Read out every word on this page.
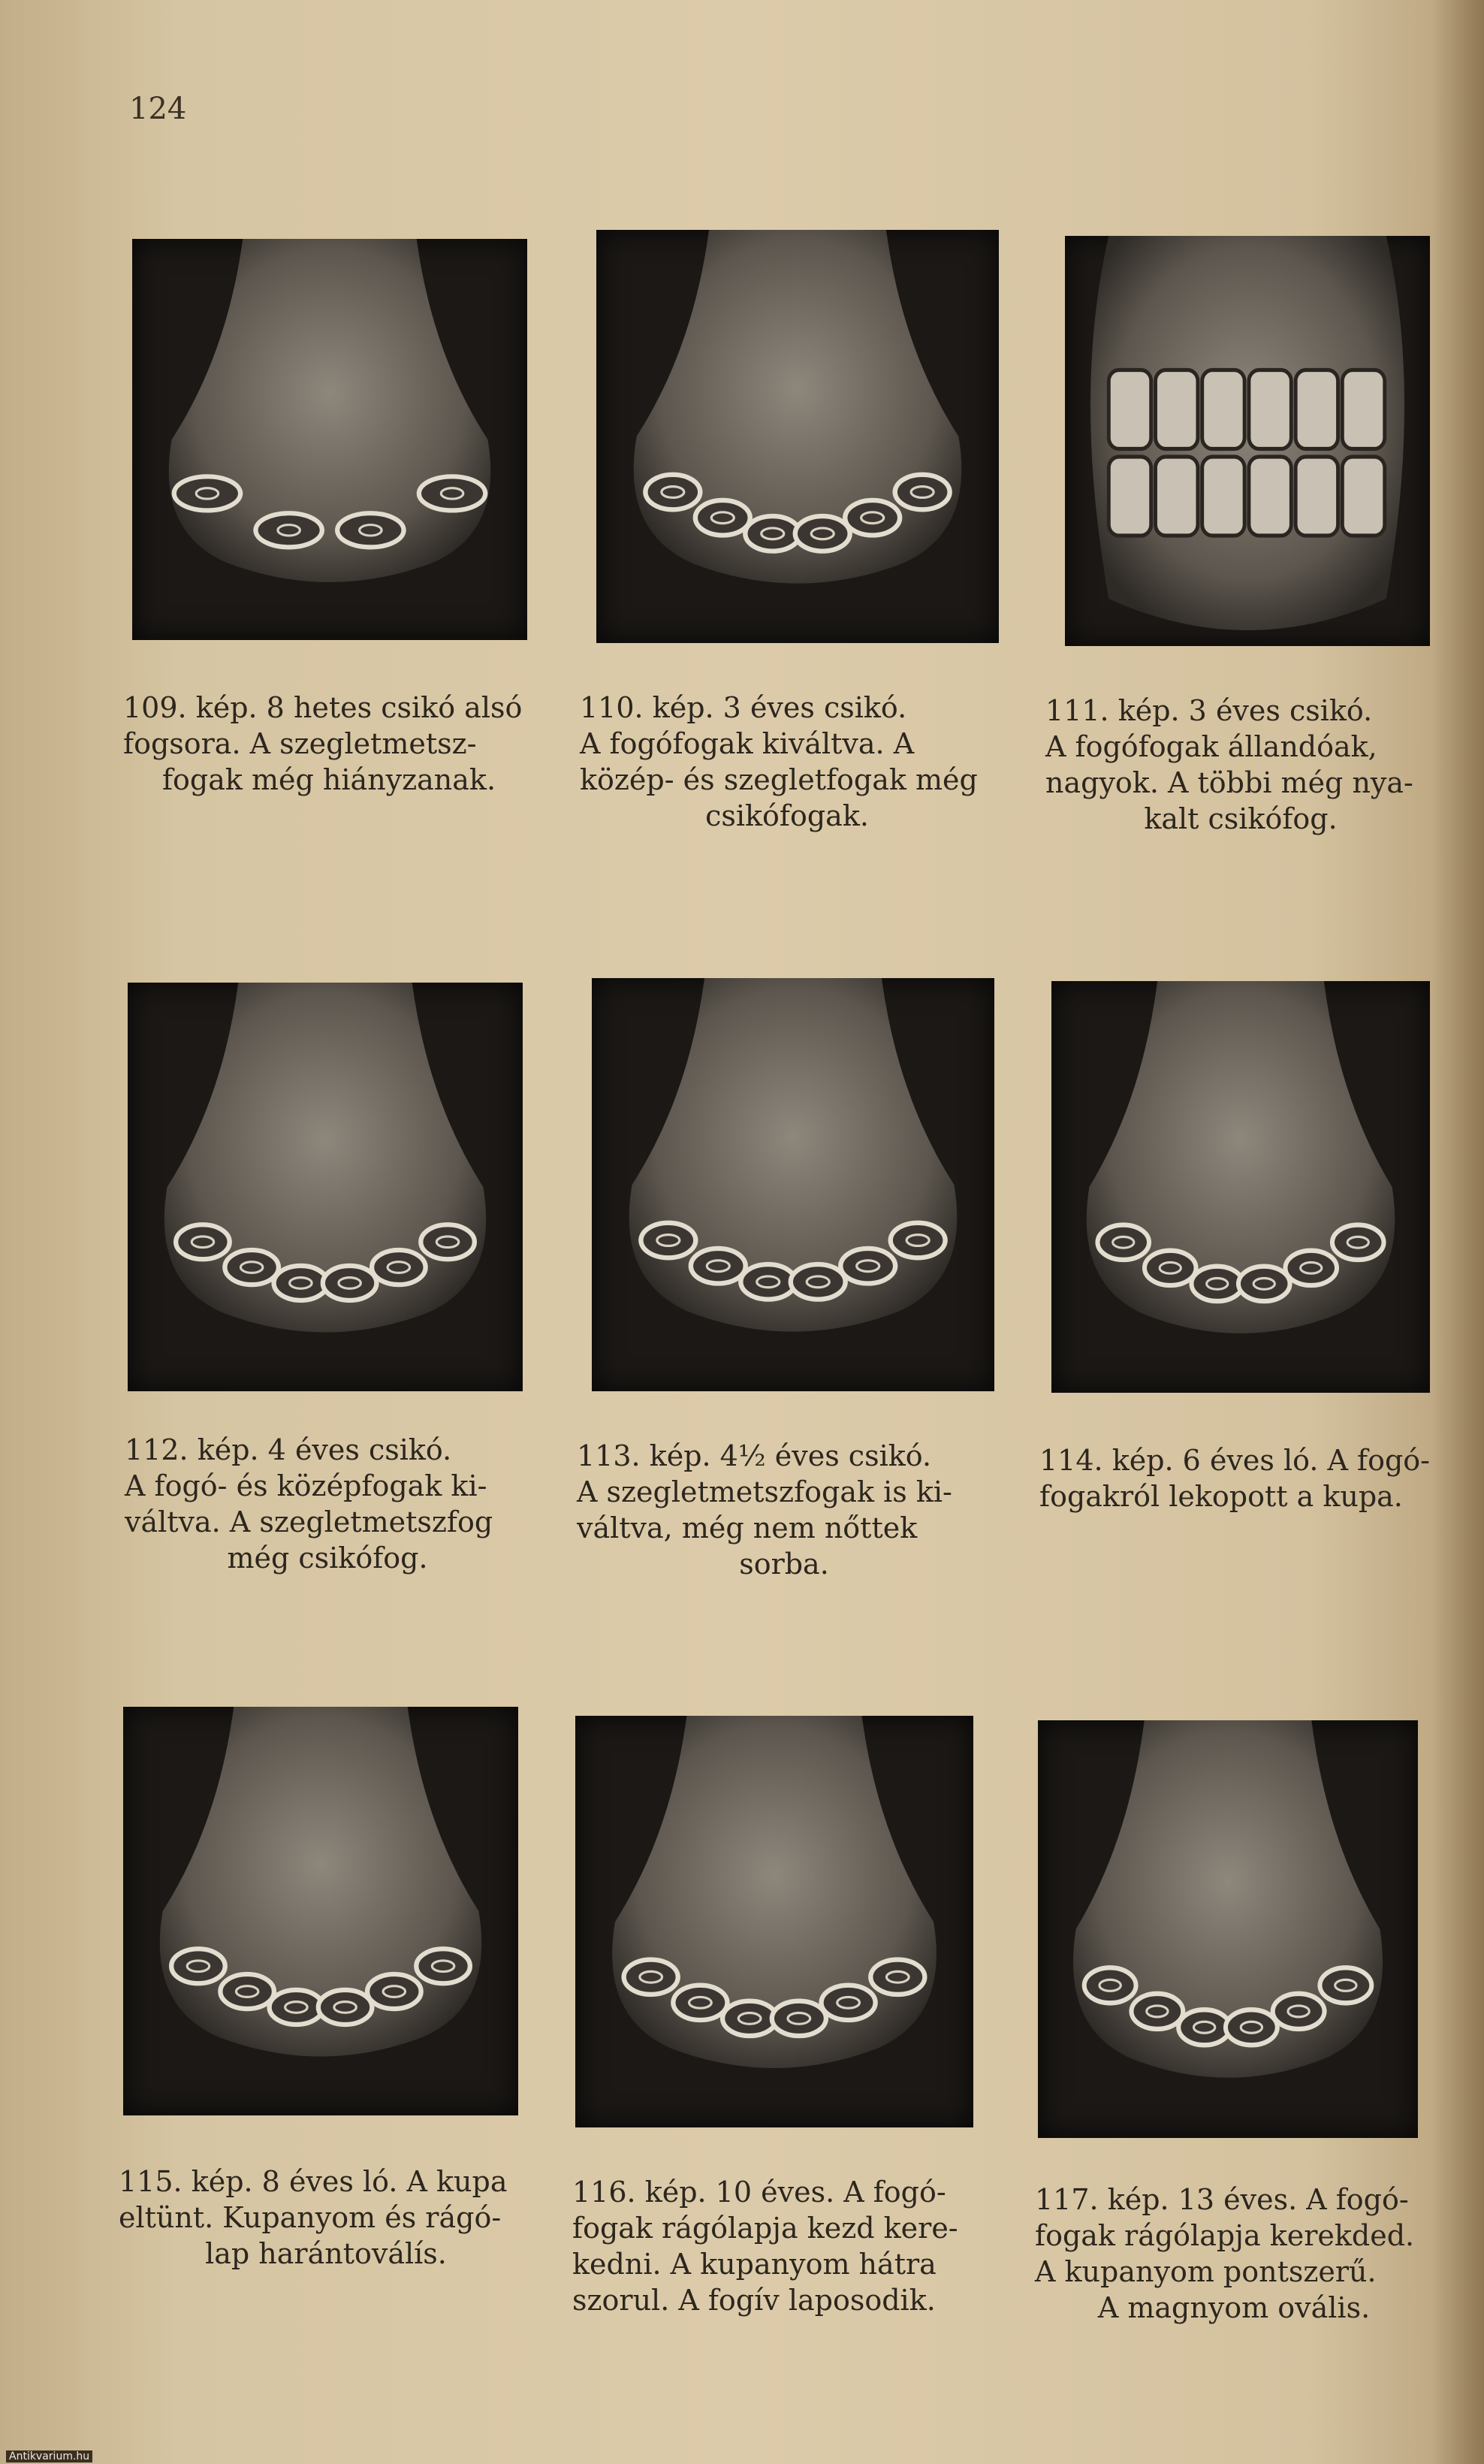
124
109. kép. 8 hetes csikó alsó
fogsora. A szegletmetsz-
fogak még hiányzanak.
110. kép. 3 éves csikó.
A fogófogak kiváltva. A
közép- és szegletfogak még
csikófogak.
111. kép. 3 éves csikó.
A fogófogak állandóak,
nagyok. A többi még nya-
kalt csikófog.
112. kép. 4 éves csikó.
A fogó- és középfogak ki-
váltva. A szegletmetszfog
még csikófog.
113. kép. 4½ éves csikó.
A szegletmetszfogak is ki-
váltva, még nem nőttek
sorba.
114. kép. 6 éves ló. A fogó-
fogakról lekopott a kupa.
115. kép. 8 éves ló. A kupa
eltünt. Kupanyom és rágó-
lap harántoválís.
116. kép. 10 éves. A fogó-
fogak rágólapja kezd kere-
kedni. A kupanyom hátra
szorul. A fogív laposodik.
117. kép. 13 éves. A fogó-
fogak rágólapja kerekded.
A kupanyom pontszerű.
A magnyom ovális.
Antikvarium.hu
